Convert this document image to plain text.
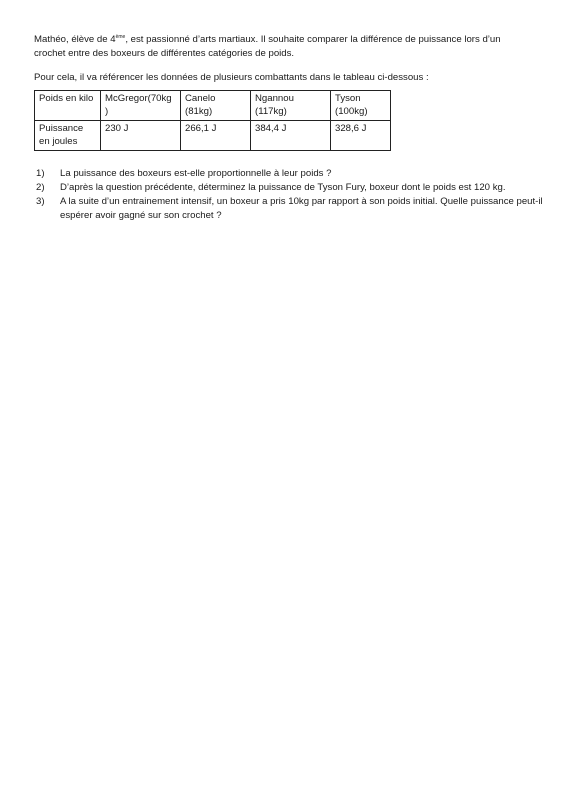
Mathéo, élève de 4ème, est passionné d’arts martiaux. Il souhaite comparer la différence de puissance lors d’un crochet entre des boxeurs de différentes catégories de poids.

Pour cela, il va référencer les données de plusieurs combattants dans le tableau ci-dessous :

Poids en kilo	McGregor(70kg )	Canelo (81kg)	Ngannou (117kg)	Tyson (100kg)
Puissance en joules	230 J	266,1 J	384,4 J	328,6 J
1) La puissance des boxeurs est-elle proportionnelle à leur poids ?
2) D’après la question précédente, déterminez la puissance de Tyson Fury, boxeur dont le poids est 120 kg.
3) A la suite d’un entrainement intensif, un boxeur a pris 10kg par rapport à son poids initial. Quelle puissance peut-il espérer avoir gagné sur son crochet ?
